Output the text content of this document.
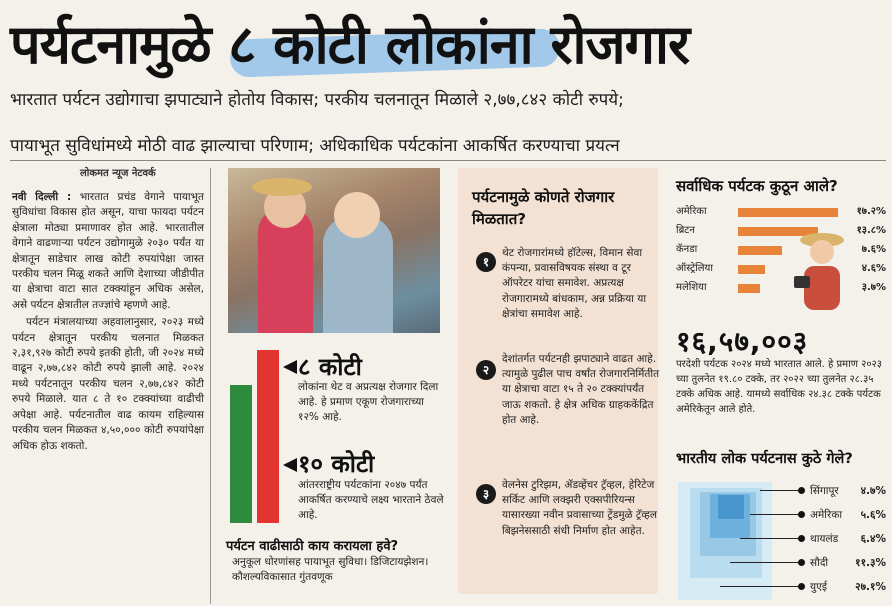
पर्यटनामुळे ८ कोटी लोकांना रोजगार
भारतात पर्यटन उद्योगाचा झपाट्याने होतोय विकास; परकीय चलनातून मिळाले २,७७,८४२ कोटी रुपये;
पायाभूत सुविधांमध्ये मोठी वाढ झाल्याचा परिणाम; अधिकाधिक पर्यटकांना आकर्षित करण्याचा प्रयत्न
लोकमत न्यूज नेटवर्क

नवी दिल्ली : भारतात प्रचंड वेगाने पायाभूत सुविधांचा विकास होत असून, याचा फायदा पर्यटन क्षेत्राला मोठ्या प्रमाणावर होत आहे. भारतातील वेगाने वाढणाऱ्या पर्यटन उद्योगामुळे २०३० पर्यंत या क्षेत्रातून साडेचार लाख कोटी रुपयांपेक्षा जास्त परकीय चलन मिळू शकते आणि देशाच्या जीडीपीत या क्षेत्राचा वाटा सात टक्क्यांहून अधिक असेल, असे पर्यटन क्षेत्रातील तज्ज्ञांचे म्हणणे आहे.

पर्यटन मंत्रालयाच्या अहवालानुसार, २०२३ मध्ये पर्यटन क्षेत्रातून परकीय चलनात मिळकत २,३१,९२७ कोटी रुपये इतकी होती, जी २०२४ मध्ये वाढून २,७७,८४२ कोटी रुपये झाली आहे. २०२४ मध्ये पर्यटनातून परकीय चलन २,७७,८४२ कोटी रुपये मिळाले. यात ८ ते १० टक्क्यांच्या वाढीची अपेक्षा आहे. पर्यटनातील वाढ कायम राहिल्यास परकीय चलन मिळकत ४,५०,००० कोटी रुपयांपेक्षा अधिक होऊ शकतो.

८ कोटी
लोकांना थेट व अप्रत्यक्ष रोजगार दिला आहे. हे प्रमाण एकूण रोजगाराच्या १२% आहे.
१० कोटी
आंतरराष्ट्रीय पर्यटकांना २०४७ पर्यंत आकर्षित करण्याचे लक्ष्य भारताने ठेवले आहे.
पर्यटन वाढीसाठी काय करायला हवे?
अनुकूल धोरणांसह पायाभूत सुविधा। डिजिटायझेशन। कौशल्यविकासात गुंतवणूक
पर्यटनामुळे कोणते रोजगार मिळतात?
१
थेट रोजगारांमध्ये हॉटेल्स, विमान सेवा कंपन्या, प्रवासविषयक संस्था व टूर ऑपरेटर यांचा समावेश. अप्रत्यक्ष रोजगारामध्ये बांधकाम, अन्न प्रक्रिया या क्षेत्रांचा समावेश आहे.
२
देशांतर्गत पर्यटनही झपाट्याने वाढत आहे. त्यामुळे पुढील पाच वर्षांत रोजगारनिर्मितीत या क्षेत्राचा वाटा १५ ते २० टक्क्यांपर्यंत जाऊ शकतो. हे क्षेत्र अधिक ग्राहककेंद्रित होत आहे.
३
वेलनेस टुरिझम, ॲडव्हेंचर ट्रॅव्हल, हेरिटेज सर्किट आणि लक्झरी एक्सपीरियन्स यासारख्या नवीन प्रवासाच्या ट्रेंडमुळे ट्रॅव्हल बिझनेससाठी संधी निर्माण होत आहेत.
सर्वाधिक पर्यटक कुठून आले?
अमेरिका	१७.२%
ब्रिटन	१३.८%
कॅनडा	७.६%
ऑस्ट्रेलिया	४.६%
मलेशिया	३.७%
१६,५७,००३
परदेशी पर्यटक २०२४ मध्ये भारतात आले. हे प्रमाण २०२३ च्या तुलनेत १९.८० टक्के, तर २०२२ च्या तुलनेत २८.३५ टक्के अधिक आहे. यामध्ये सर्वाधिक २४.३८ टक्के पर्यटक अमेरिकेतून आले होते.
भारतीय लोक पर्यटनास कुठे गेले?
सिंगापूर ४.७%
अमेरिका ५.६%
थायलंड ६.४%
सौदी	११.३%
युएई	२७.१%
